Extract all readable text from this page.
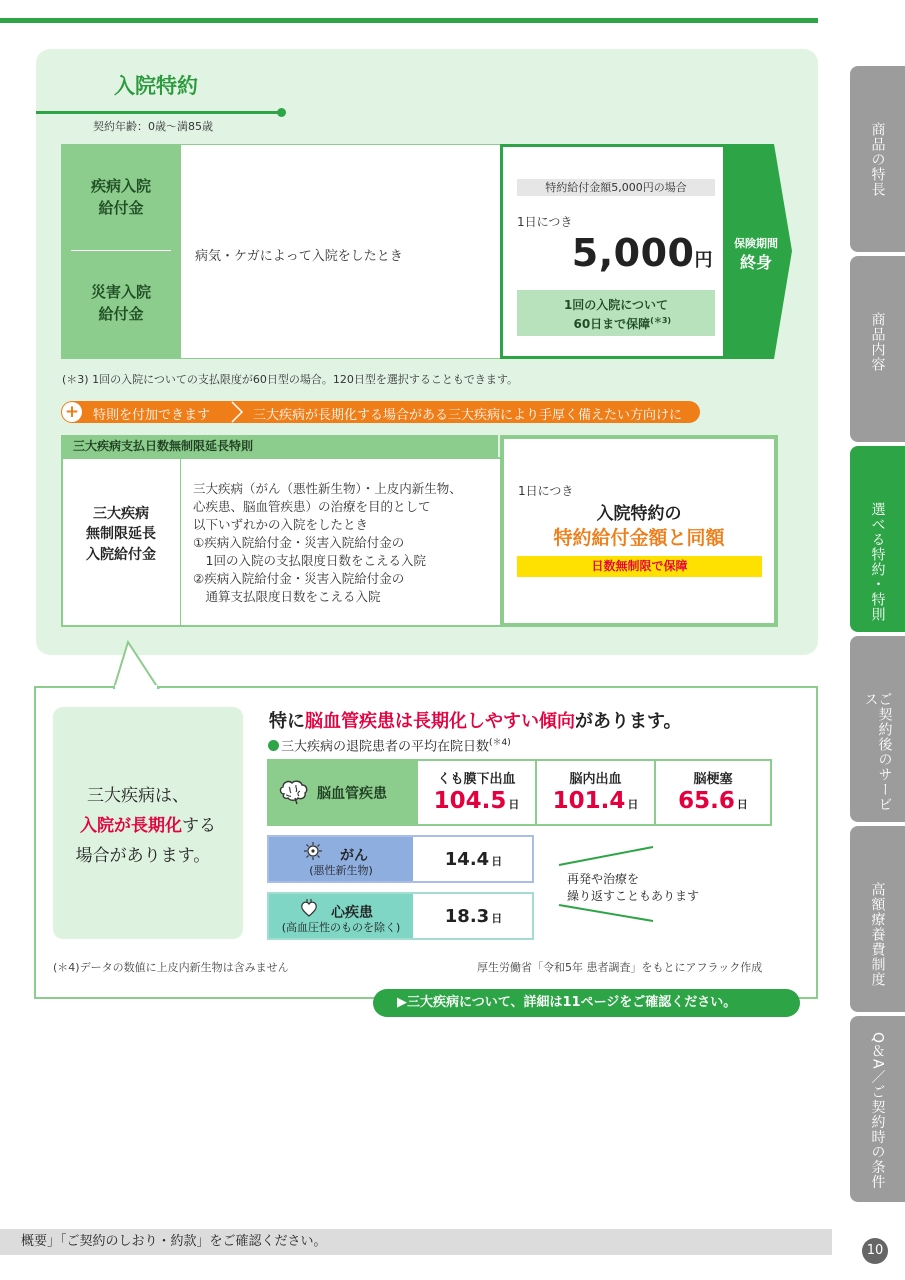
商品の特長
商品内容
選べる特約・特則
ご契約後のサービス
高額療養費制度
Q＆A／ご契約時の条件
入院特約
契約年齢：0歳～満85歳
疾病入院
給付金
災害入院
給付金
病気・ケガによって入院をしたとき
特約給付金額5,000円の場合
1日につき
5,000円
1回の入院について
60日まで保障$^{(*3)}$
保険期間
終身
(＊3) 1回の入院についての支払限度が60日型の場合。120日型を選択することもできます。
+ 特則を付加できます	三大疾病が長期化する場合がある三大疾病により手厚く備えたい方向けに
三大疾病支払日数無制限延長特則
三大疾病
無制限延長
入院給付金
三大疾病（がん（悪性新生物）・上皮内新生物、
心疾患、脳血管疾患）の治療を目的として
以下いずれかの入院をしたとき
①疾病入院給付金・災害入院給付金の
　1回の入院の支払限度日数をこえる入院
②疾病入院給付金・災害入院給付金の
　通算支払限度日数をこえる入院
1日につき
入院特約の
特約給付金額と同額
日数無制限で保障
三大疾病は、
入院が長期化する
場合があります。
特に脳血管疾患は長期化しやすい傾向があります。
三大疾病の退院患者の平均在院日数$^{(*4)}$
脳血管疾患
くも膜下出血
104.5 日
脳内出血
101.4 日
脳梗塞
65.6 日
がん
(悪性新生物)
14.4 日
心疾患
(高血圧性のものを除く)
18.3 日
再発や治療を
繰り返すこともあります
(＊4)データの数値に上皮内新生物は含みません	厚生労働省「令和5年 患者調査」をもとにアフラック作成
▶三大疾病について、詳細は11ページをご確認ください。
概要」「ご契約のしおり・約款」をご確認ください。
10
